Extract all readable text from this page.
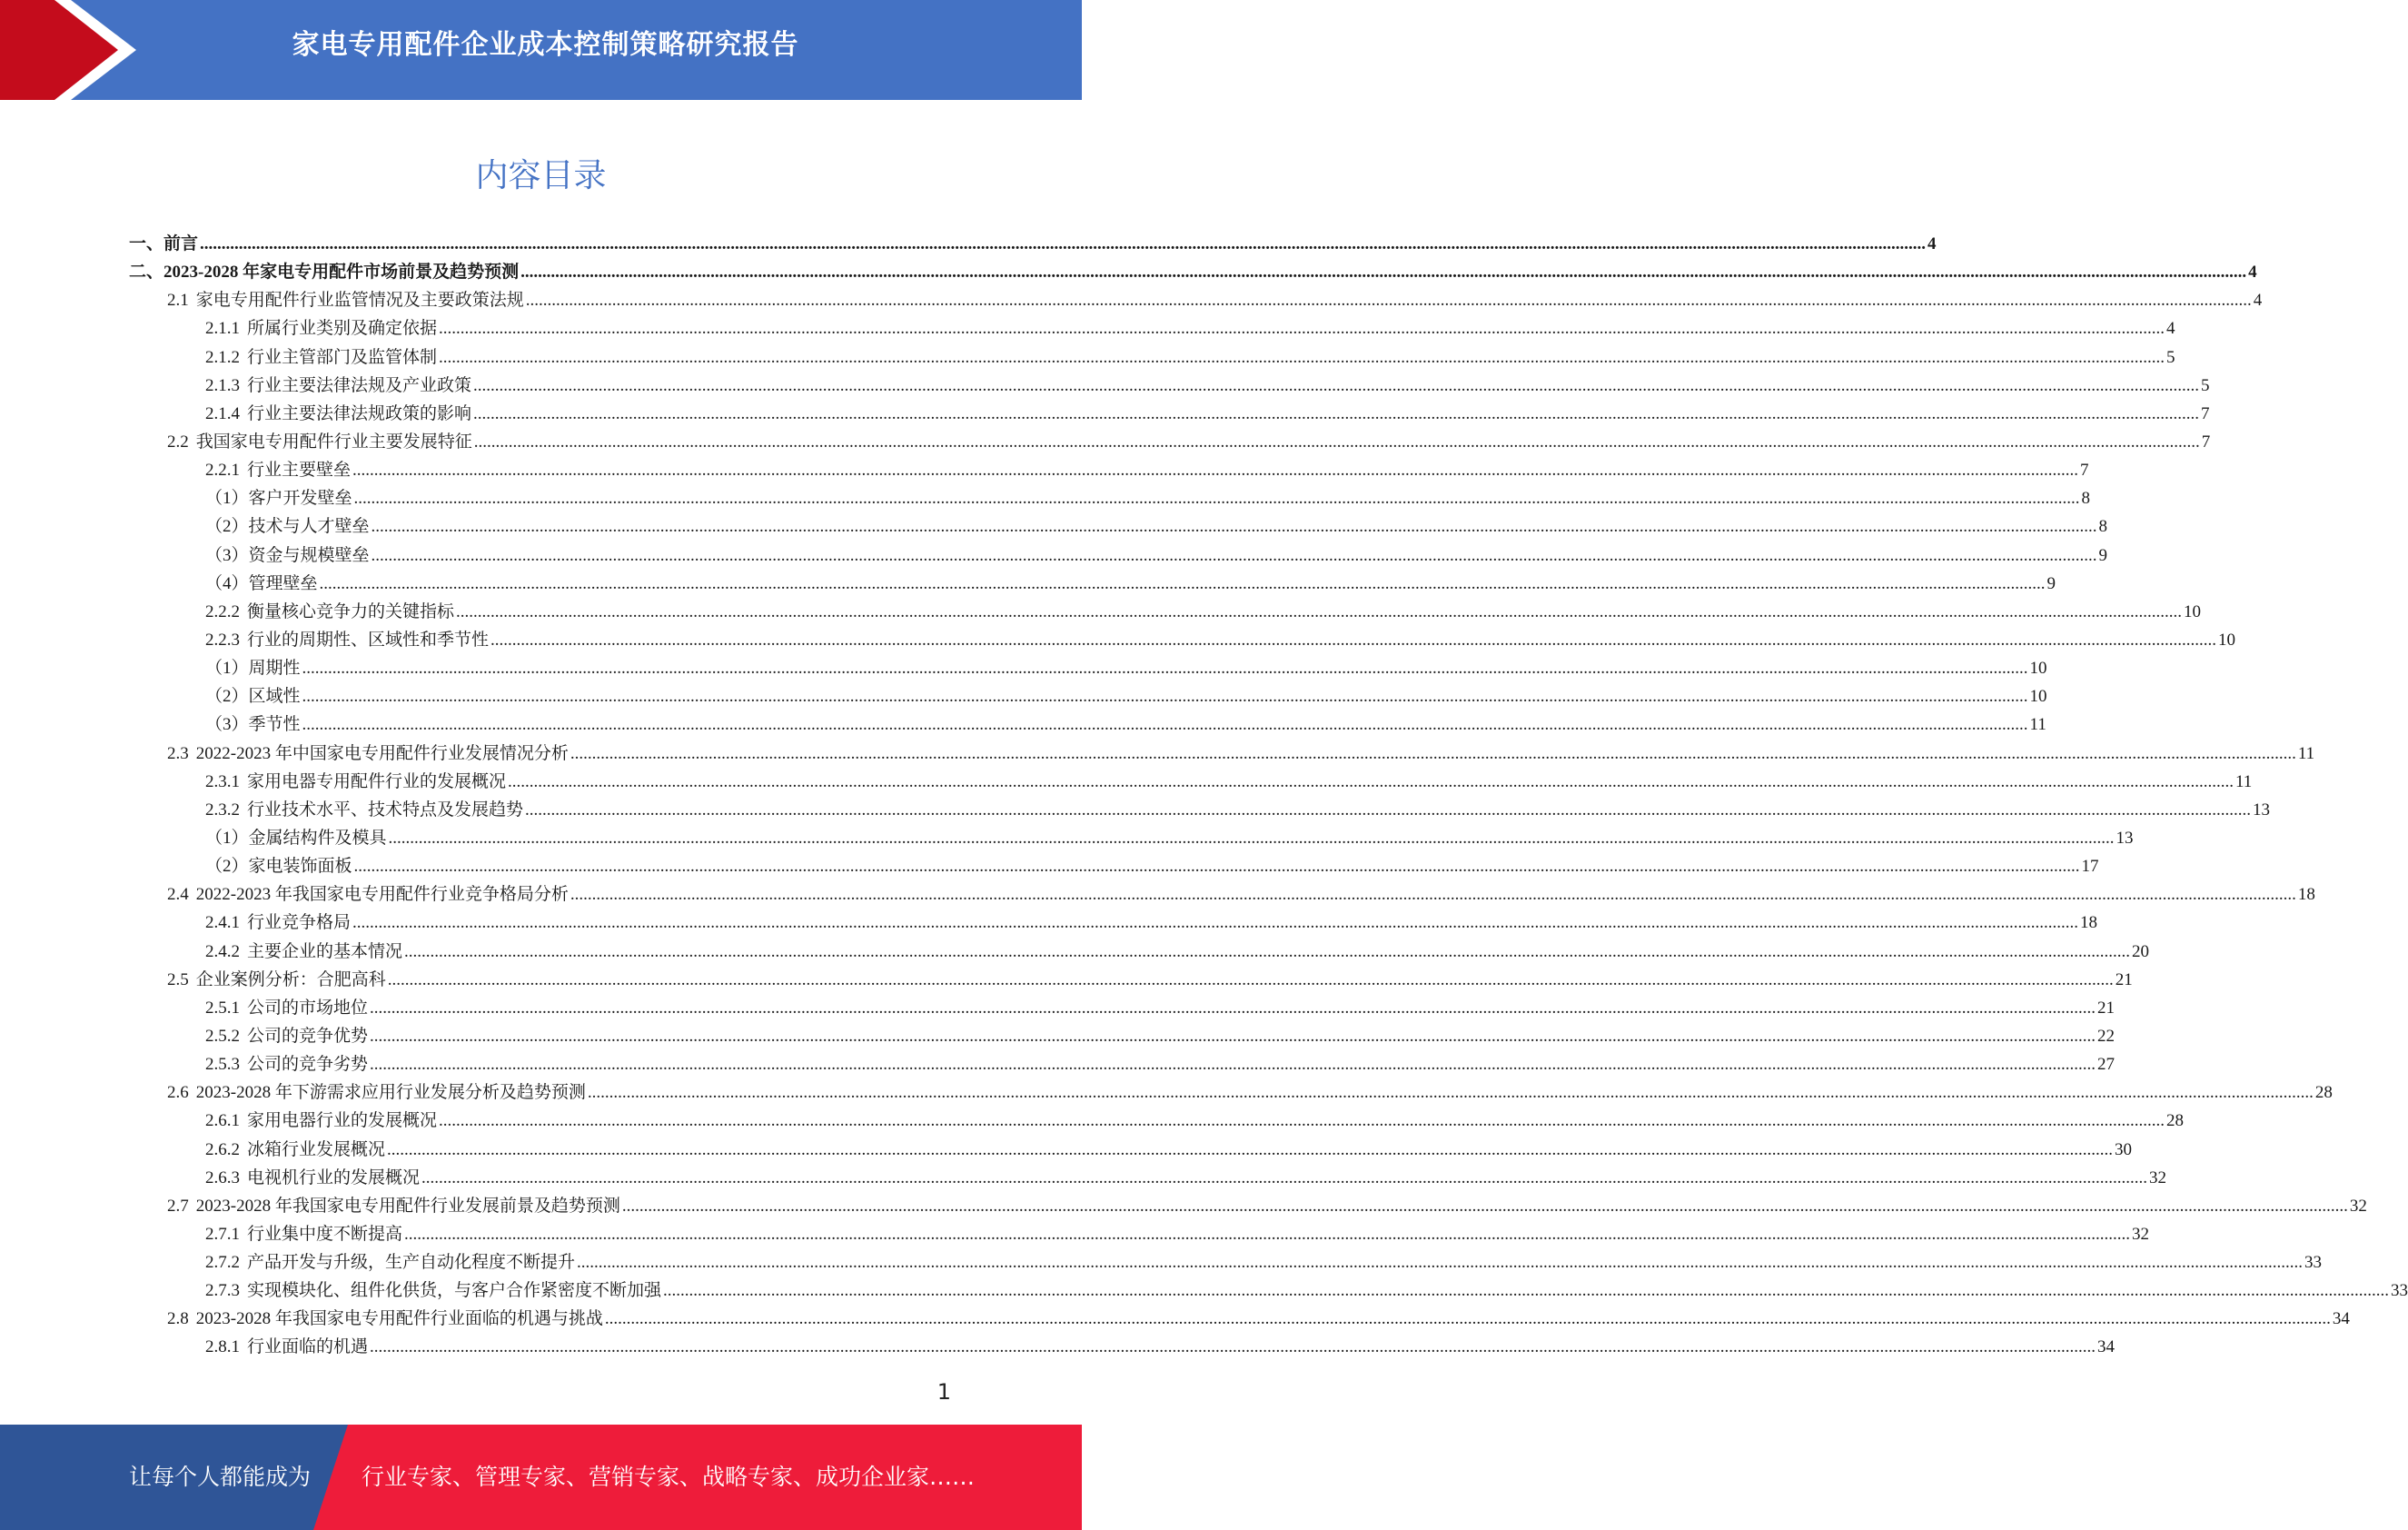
家电专用配件企业成本控制策略研究报告
内容目录
一、 前言 ................................................................................................................................................................................................................................................................................................................................................................................................................ 4
二、 2023-2028 年家电专用配件市场前景及趋势预测 ................................................................................................................................................................................................................................................................................................................................................................................................................ 4
2.1 家电专用配件行业监管情况及主要政策法规 ................................................................................................................................................................................................................................................................................................................................................................................................................ 4
2.1.1 所属行业类别及确定依据 ................................................................................................................................................................................................................................................................................................................................................................................................................ 4
2.1.2 行业主管部门及监管体制 ................................................................................................................................................................................................................................................................................................................................................................................................................ 5
2.1.3 行业主要法律法规及产业政策 ................................................................................................................................................................................................................................................................................................................................................................................................................ 5
2.1.4 行业主要法律法规政策的影响 ................................................................................................................................................................................................................................................................................................................................................................................................................ 7
2.2 我国家电专用配件行业主要发展特征 ................................................................................................................................................................................................................................................................................................................................................................................................................ 7
2.2.1 行业主要壁垒 ................................................................................................................................................................................................................................................................................................................................................................................................................ 7
（1） 客户开发壁垒 ................................................................................................................................................................................................................................................................................................................................................................................................................ 8
（2） 技术与人才壁垒 ................................................................................................................................................................................................................................................................................................................................................................................................................ 8
（3） 资金与规模壁垒 ................................................................................................................................................................................................................................................................................................................................................................................................................ 9
（4） 管理壁垒 ................................................................................................................................................................................................................................................................................................................................................................................................................ 9
2.2.2 衡量核心竞争力的关键指标 ................................................................................................................................................................................................................................................................................................................................................................................................................ 10
2.2.3 行业的周期性、区域性和季节性 ................................................................................................................................................................................................................................................................................................................................................................................................................ 10
（1） 周期性 ................................................................................................................................................................................................................................................................................................................................................................................................................ 10
（2） 区域性 ................................................................................................................................................................................................................................................................................................................................................................................................................ 10
（3） 季节性 ................................................................................................................................................................................................................................................................................................................................................................................................................ 11
2.3 2022-2023 年中国家电专用配件行业发展情况分析 ................................................................................................................................................................................................................................................................................................................................................................................................................ 11
2.3.1 家用电器专用配件行业的发展概况 ................................................................................................................................................................................................................................................................................................................................................................................................................ 11
2.3.2 行业技术水平、技术特点及发展趋势 ................................................................................................................................................................................................................................................................................................................................................................................................................ 13
（1） 金属结构件及模具 ................................................................................................................................................................................................................................................................................................................................................................................................................ 13
（2） 家电装饰面板 ................................................................................................................................................................................................................................................................................................................................................................................................................ 17
2.4 2022-2023 年我国家电专用配件行业竞争格局分析 ................................................................................................................................................................................................................................................................................................................................................................................................................ 18
2.4.1 行业竞争格局 ................................................................................................................................................................................................................................................................................................................................................................................................................ 18
2.4.2 主要企业的基本情况 ................................................................................................................................................................................................................................................................................................................................................................................................................ 20
2.5 企业案例分析：合肥高科 ................................................................................................................................................................................................................................................................................................................................................................................................................ 21
2.5.1 公司的市场地位 ................................................................................................................................................................................................................................................................................................................................................................................................................ 21
2.5.2 公司的竞争优势 ................................................................................................................................................................................................................................................................................................................................................................................................................ 22
2.5.3 公司的竞争劣势 ................................................................................................................................................................................................................................................................................................................................................................................................................ 27
2.6 2023-2028 年下游需求应用行业发展分析及趋势预测 ................................................................................................................................................................................................................................................................................................................................................................................................................ 28
2.6.1 家用电器行业的发展概况 ................................................................................................................................................................................................................................................................................................................................................................................................................ 28
2.6.2 冰箱行业发展概况 ................................................................................................................................................................................................................................................................................................................................................................................................................ 30
2.6.3 电视机行业的发展概况 ................................................................................................................................................................................................................................................................................................................................................................................................................ 32
2.7 2023-2028 年我国家电专用配件行业发展前景及趋势预测 ................................................................................................................................................................................................................................................................................................................................................................................................................ 32
2.7.1 行业集中度不断提高 ................................................................................................................................................................................................................................................................................................................................................................................................................ 32
2.7.2 产品开发与升级，生产自动化程度不断提升 ................................................................................................................................................................................................................................................................................................................................................................................................................ 33
2.7.3 实现模块化、组件化供货，与客户合作紧密度不断加强 ................................................................................................................................................................................................................................................................................................................................................................................................................ 33
2.8 2023-2028 年我国家电专用配件行业面临的机遇与挑战 ................................................................................................................................................................................................................................................................................................................................................................................................................ 34
2.8.1 行业面临的机遇 ................................................................................................................................................................................................................................................................................................................................................................................................................ 34
1
让每个人都能成为 行业专家、管理专家、营销专家、战略专家、成功企业家……
